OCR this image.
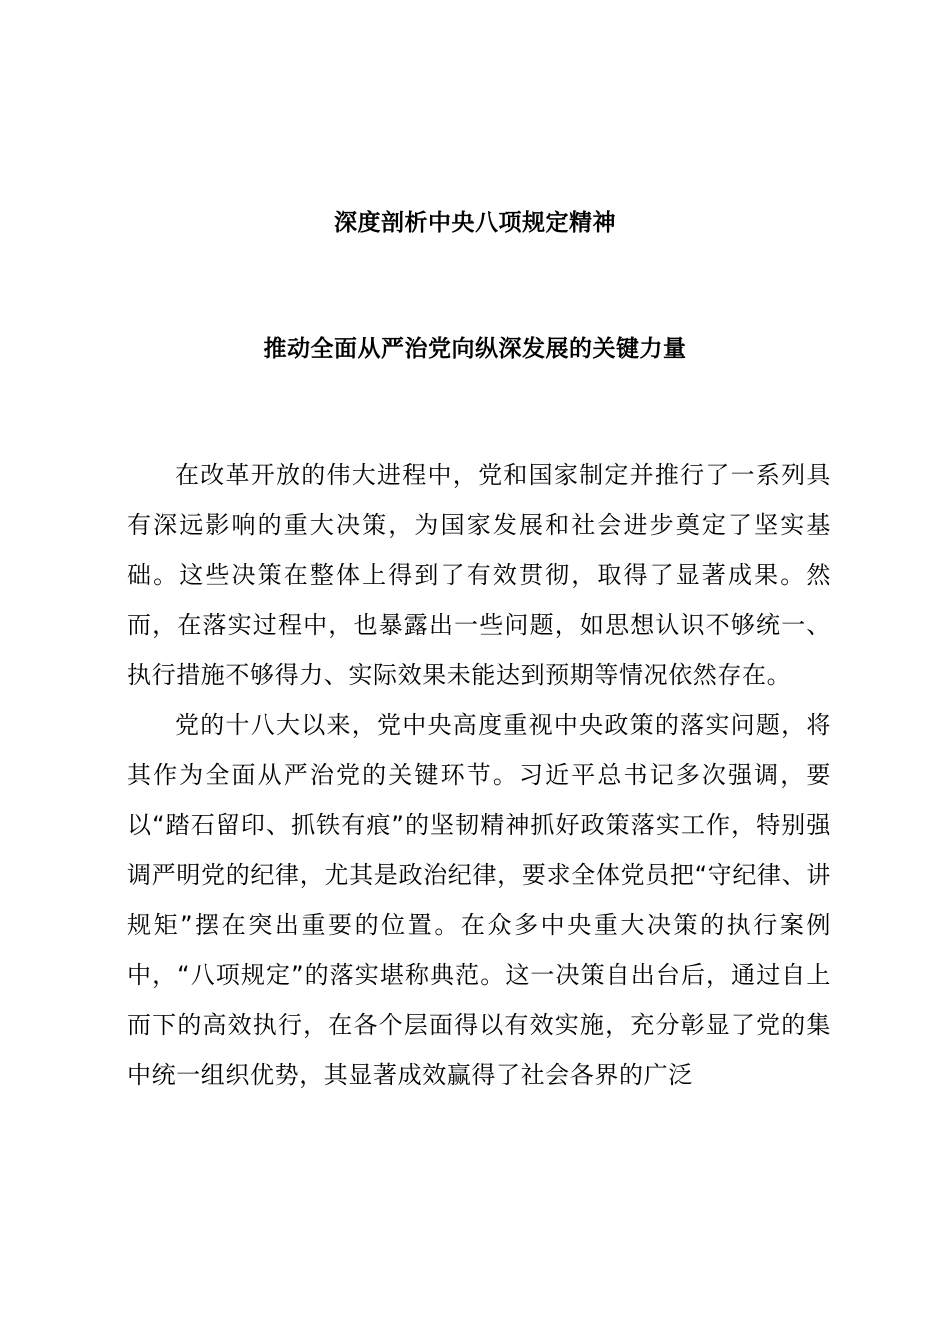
深度剖析中央八项规定精神
推动全面从严治党向纵深发展的关键力量

在改革开放的伟大进程中，党和国家制定并推行了一系列具有深远影响的重大决策，为国家发展和社会进步奠定了坚实基础。这些决策在整体上得到了有效贯彻，取得了显著成果。然而，在落实过程中，也暴露出一些问题，如思想认识不够统一、执行措施不够得力、实际效果未能达到预期等情况依然存在。

党的十八大以来，党中央高度重视中央政策的落实问题，将其作为全面从严治党的关键环节。习近平总书记多次强调，要以“踏石留印、抓铁有痕”的坚韧精神抓好政策落实工作，特别强调严明党的纪律，尤其是政治纪律，要求全体党员把“守纪律、讲规矩”摆在突出重要的位置。在众多中央重大决策的执行案例中，“八项规定”的落实堪称典范。这一决策自出台后，通过自上而下的高效执行，在各个层面得以有效实施，充分彰显了党的集中统一组织优势，其显著成效赢得了社会各界的广泛
